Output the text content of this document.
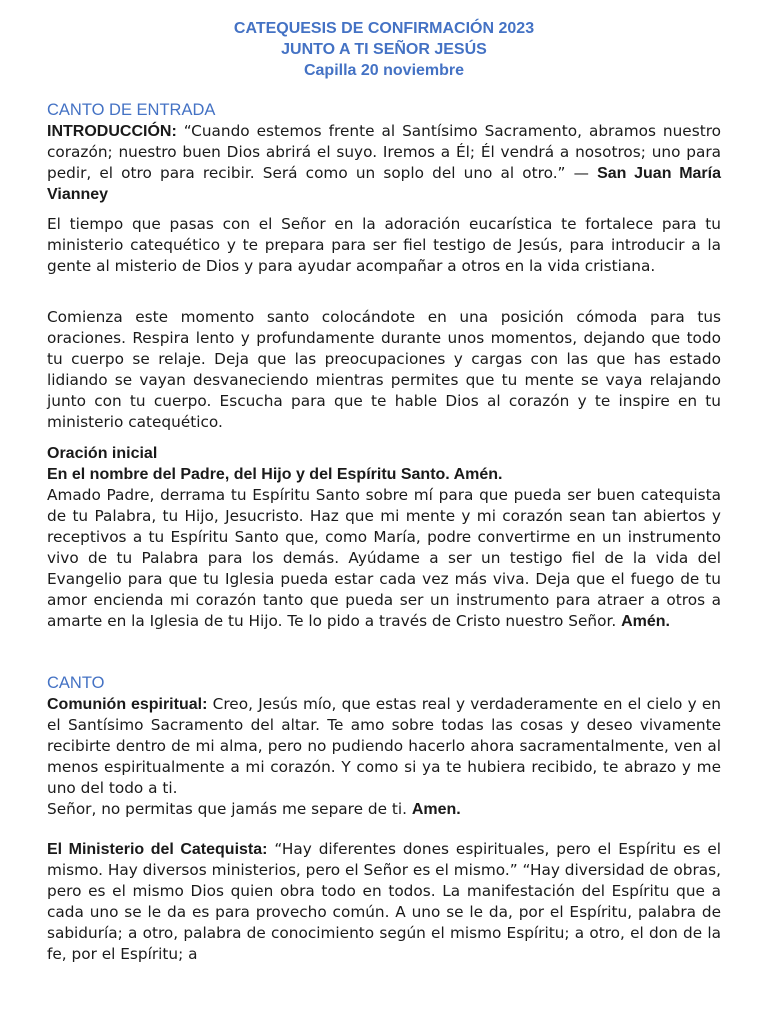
CATEQUESIS DE CONFIRMACIÓN 2023
JUNTO A TI SEÑOR JESÚS
Capilla 20 noviembre
CANTO DE ENTRADA

INTRODUCCIÓN: “Cuando estemos frente al Santísimo Sacramento, abramos nuestro corazón; nuestro buen Dios abrirá el suyo. Iremos a Él; Él vendrá a nosotros; uno para pedir, el otro para recibir. Será como un soplo del uno al otro.” — San Juan María Vianney

El tiempo que pasas con el Señor en la adoración eucarística te fortalece para tu ministerio catequético y te prepara para ser fiel testigo de Jesús, para introducir a la gente al misterio de Dios y para ayudar acompañar a otros en la vida cristiana.

Comienza este momento santo colocándote en una posición cómoda para tus oraciones. Respira lento y profundamente durante unos momentos, dejando que todo tu cuerpo se relaje. Deja que las preocupaciones y cargas con las que has estado lidiando se vayan desvaneciendo mientras permites que tu mente se vaya relajando junto con tu cuerpo. Escucha para que te hable Dios al corazón y te inspire en tu ministerio catequético.

Oración inicial
En el nombre del Padre, del Hijo y del Espíritu Santo. Amén.

Amado Padre, derrama tu Espíritu Santo sobre mí para que pueda ser buen catequista de tu Palabra, tu Hijo, Jesucristo. Haz que mi mente y mi corazón sean tan abiertos y receptivos a tu Espíritu Santo que, como María, podre convertirme en un instrumento vivo de tu Palabra para los demás. Ayúdame a ser un testigo fiel de la vida del Evangelio para que tu Iglesia pueda estar cada vez más viva. Deja que el fuego de tu amor encienda mi corazón tanto que pueda ser un instrumento para atraer a otros a amarte en la Iglesia de tu Hijo. Te lo pido a través de Cristo nuestro Señor. Amén.

CANTO

Comunión espiritual: Creo, Jesús mío, que estas real y verdaderamente en el cielo y en el Santísimo Sacramento del altar. Te amo sobre todas las cosas y deseo vivamente recibirte dentro de mi alma, pero no pudiendo hacerlo ahora sacramentalmente, ven al menos espiritualmente a mi corazón. Y como si ya te hubiera recibido, te abrazo y me uno del todo a ti.

Señor, no permitas que jamás me separe de ti. Amen.

El Ministerio del Catequista: “Hay diferentes dones espirituales, pero el Espíritu es el mismo. Hay diversos ministerios, pero el Señor es el mismo.” “Hay diversidad de obras, pero es el mismo Dios quien obra todo en todos. La manifestación del Espíritu que a cada uno se le da es para provecho común. A uno se le da, por el Espíritu, palabra de sabiduría; a otro, palabra de conocimiento según el mismo Espíritu; a otro, el don de la fe, por el Espíritu; a
